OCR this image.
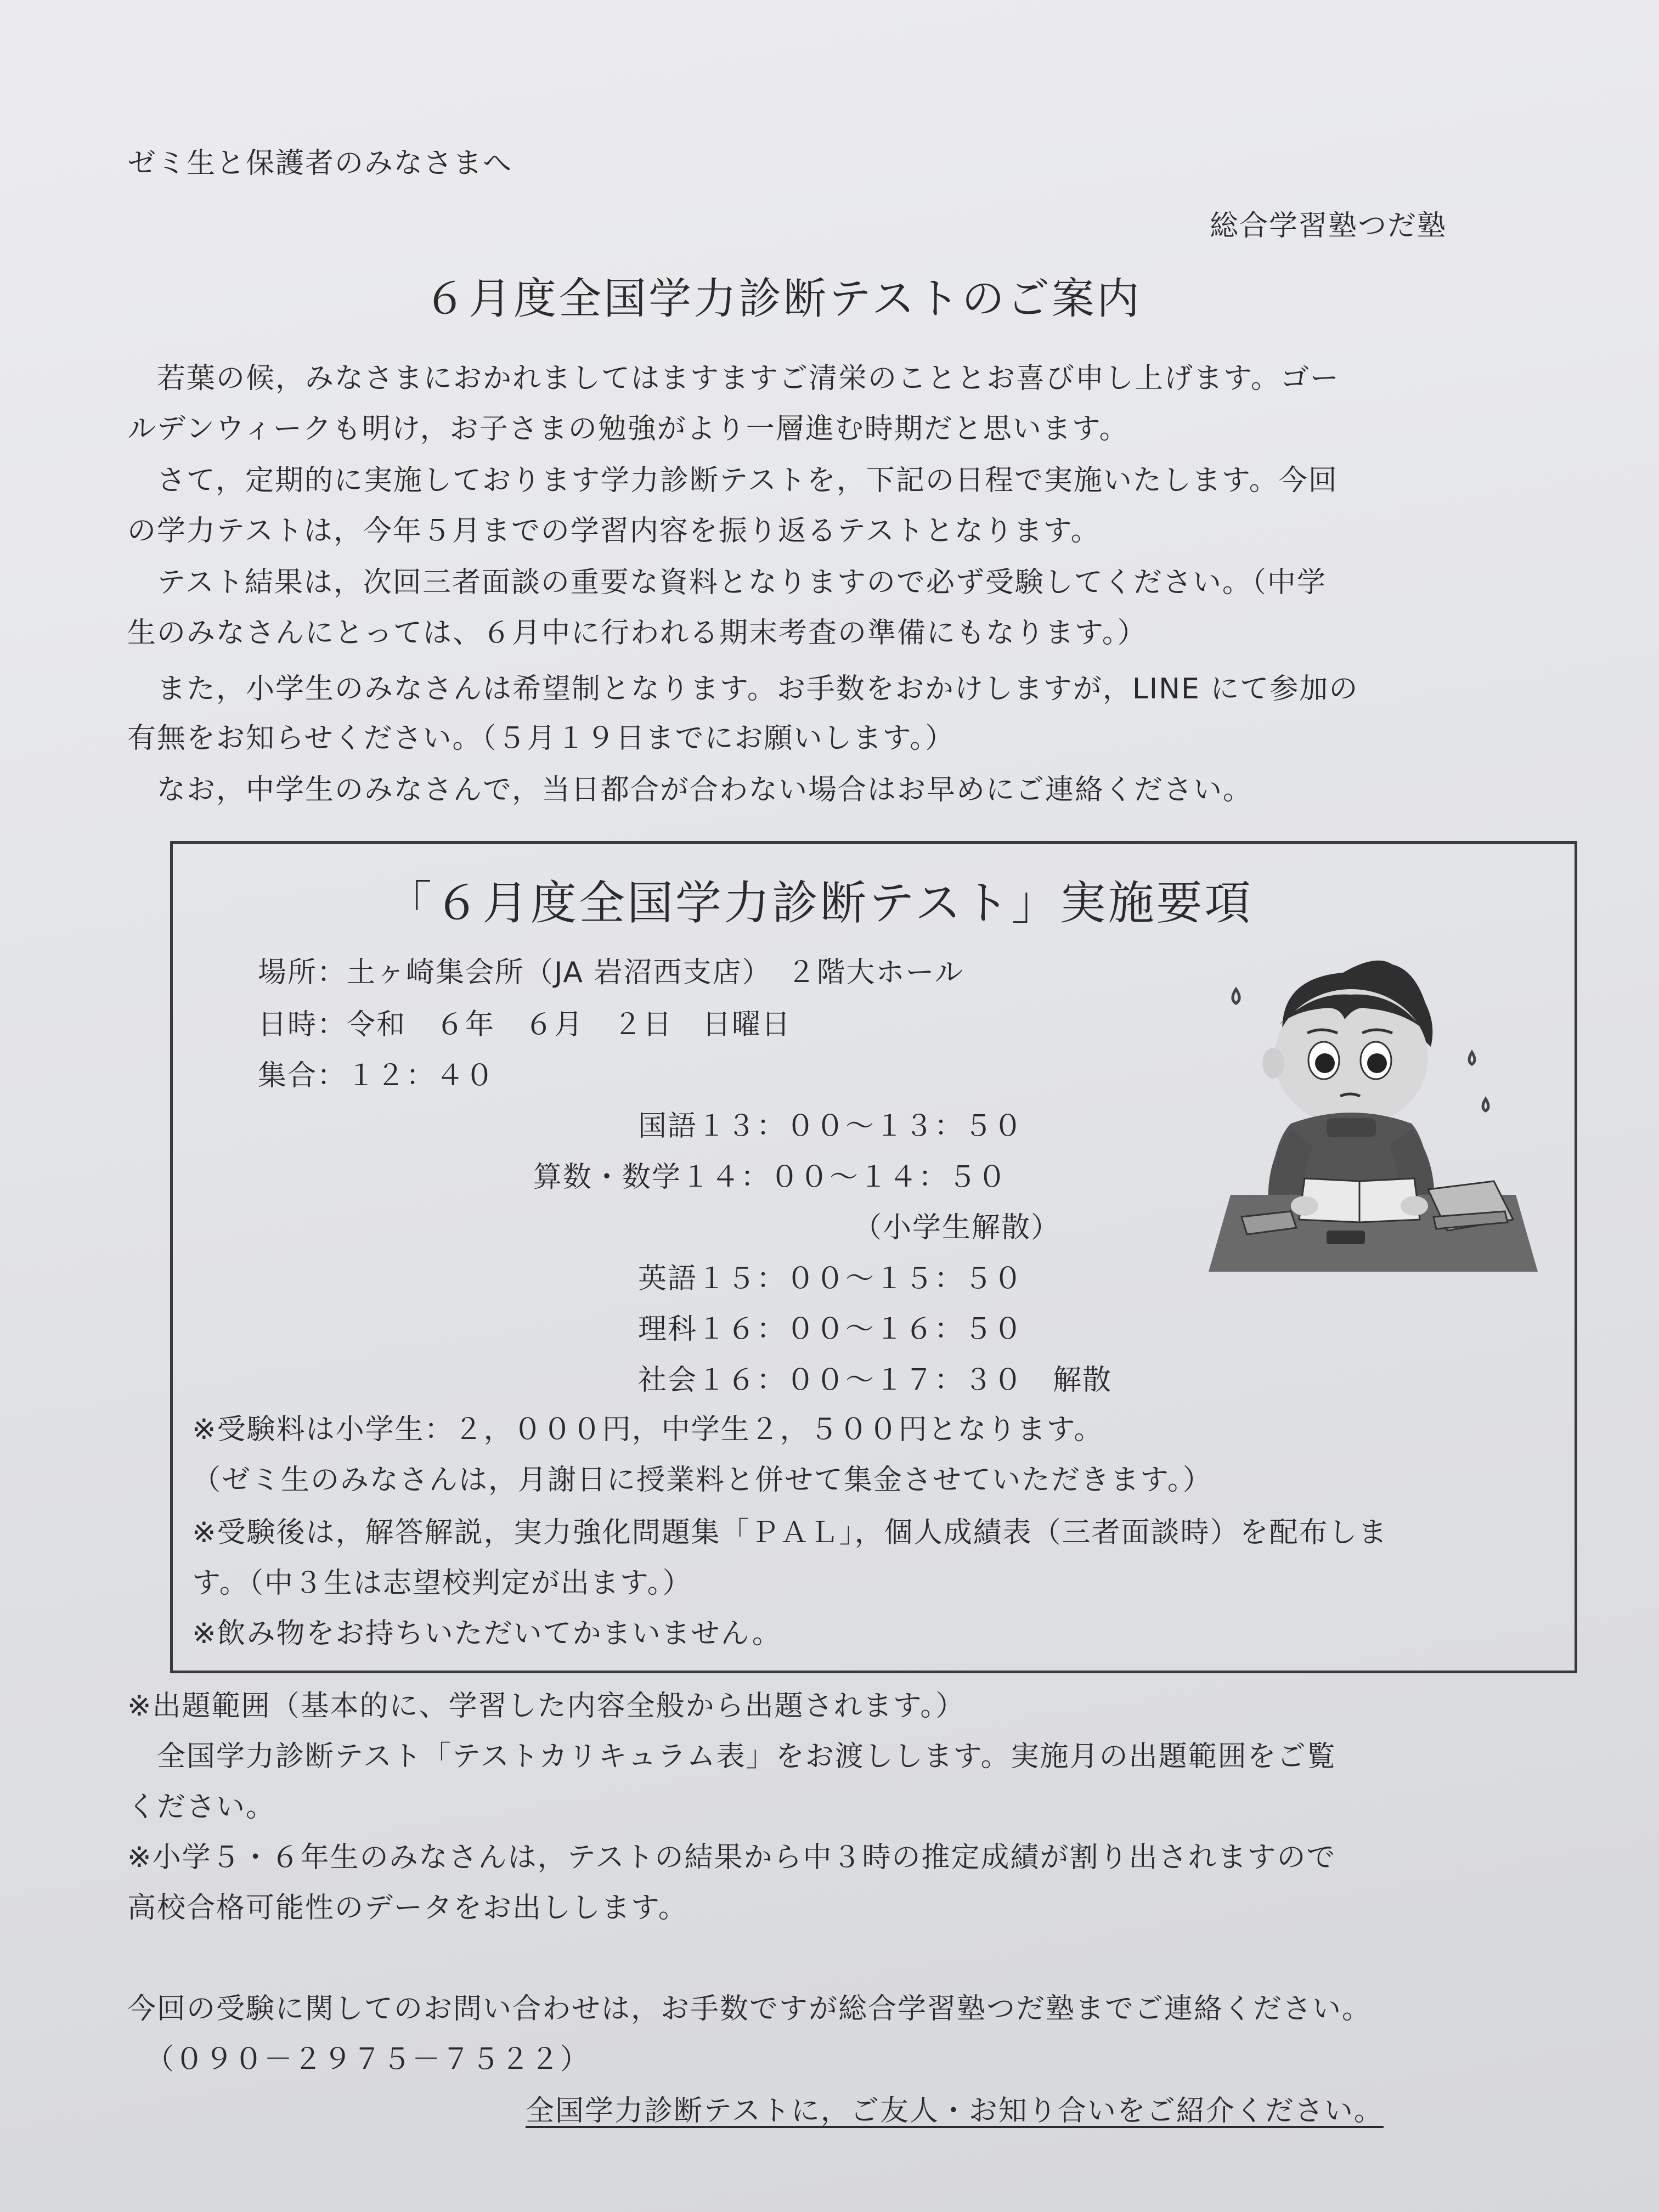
ゼミ生と保護者のみなさまへ
総合学習塾つだ塾
６月度全国学力診断テストのご案内
　若葉の候，みなさまにおかれましてはますますご清栄のこととお喜び申し上げます。ゴー
ルデンウィークも明け，お子さまの勉強がより一層進む時期だと思います。
　さて，定期的に実施しております学力診断テストを，下記の日程で実施いたします。今回
の学力テストは，今年５月までの学習内容を振り返るテストとなります。
　テスト結果は，次回三者面談の重要な資料となりますので必ず受験してください。（中学
生のみなさんにとっては、６月中に行われる期末考査の準備にもなります。）
　また，小学生のみなさんは希望制となります。お手数をおかけしますが，LINE にて参加の
有無をお知らせください。（５月１９日までにお願いします。）
　なお，中学生のみなさんで，当日都合が合わない場合はお早めにご連絡ください。
「６月度全国学力診断テスト」実施要項
場所：土ヶ崎集会所（JA 岩沼西支店）　２階大ホール
日時：令和　６年　６月　２日　日曜日
集合：１２：４０
国語１３：００～１３：５０
算数・数学１４：００～１４：５０
（小学生解散）
英語１５：００～１５：５０
理科１６：００～１６：５０
社会１６：００～１７：３０　解散
※受験料は小学生：２，０００円，中学生２，５００円となります。
（ゼミ生のみなさんは，月謝日に授業料と併せて集金させていただきます。）
※受験後は，解答解説，実力強化問題集「ＰＡＬ」，個人成績表（三者面談時）を配布しま
す。（中３生は志望校判定が出ます。）
※飲み物をお持ちいただいてかまいません。
※出題範囲（基本的に、学習した内容全般から出題されます。）
　全国学力診断テスト「テストカリキュラム表」をお渡しします。実施月の出題範囲をご覧
ください。
※小学５・６年生のみなさんは，テストの結果から中３時の推定成績が割り出されますので
高校合格可能性のデータをお出しします。
今回の受験に関してのお問い合わせは，お手数ですが総合学習塾つだ塾までご連絡ください。
（０９０－２９７５－７５２２）
全国学力診断テストに，ご友人・お知り合いをご紹介ください。
